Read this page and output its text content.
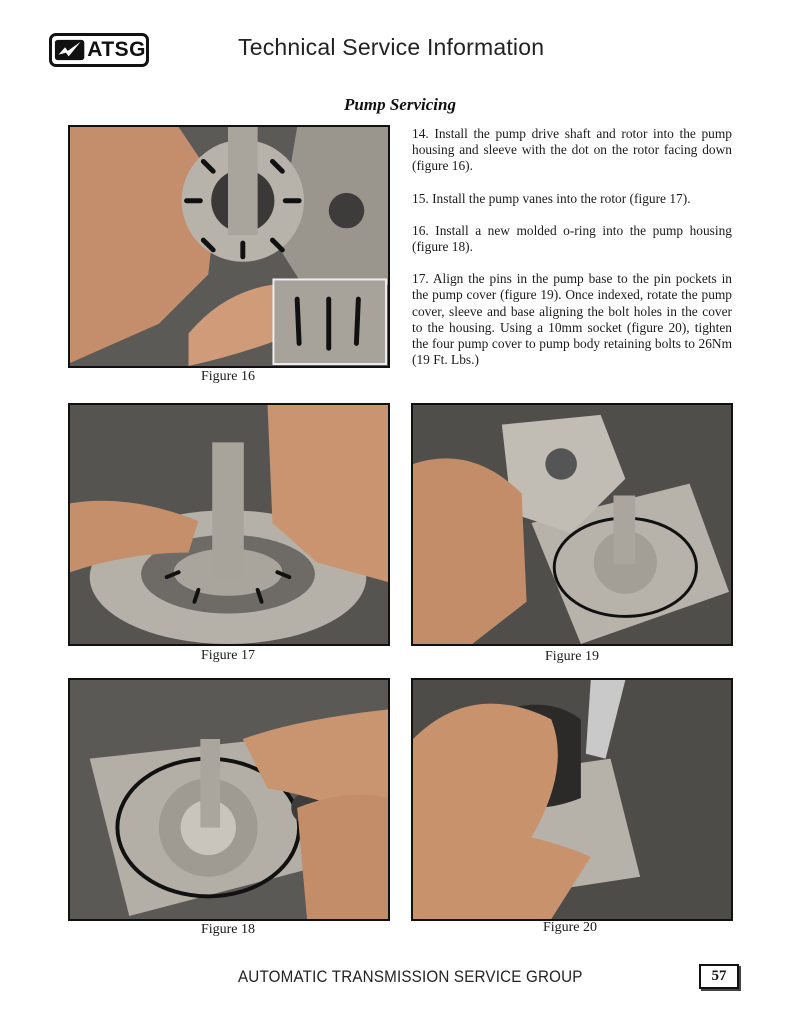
ATSG	Technical Service Information
Pump Servicing
Figure 16

14. Install the pump drive shaft and rotor into the pump housing and sleeve with the dot on the rotor facing down (figure 16).

15. Install the pump vanes into the rotor (figure 17).

16. Install a new molded o-ring into the pump housing (figure 18).

17. Align the pins in the pump base to the pin pockets in the pump cover (figure 19). Once indexed, rotate the pump cover, sleeve and base aligning the bolt holes in the cover to the housing. Using a 10mm socket (figure 20), tighten the four pump cover to pump body retaining bolts to 26Nm (19 Ft. Lbs.)

Figure 17	Figure 19
Figure 18	Figure 20
AUTOMATIC TRANSMISSION SERVICE GROUP	57
